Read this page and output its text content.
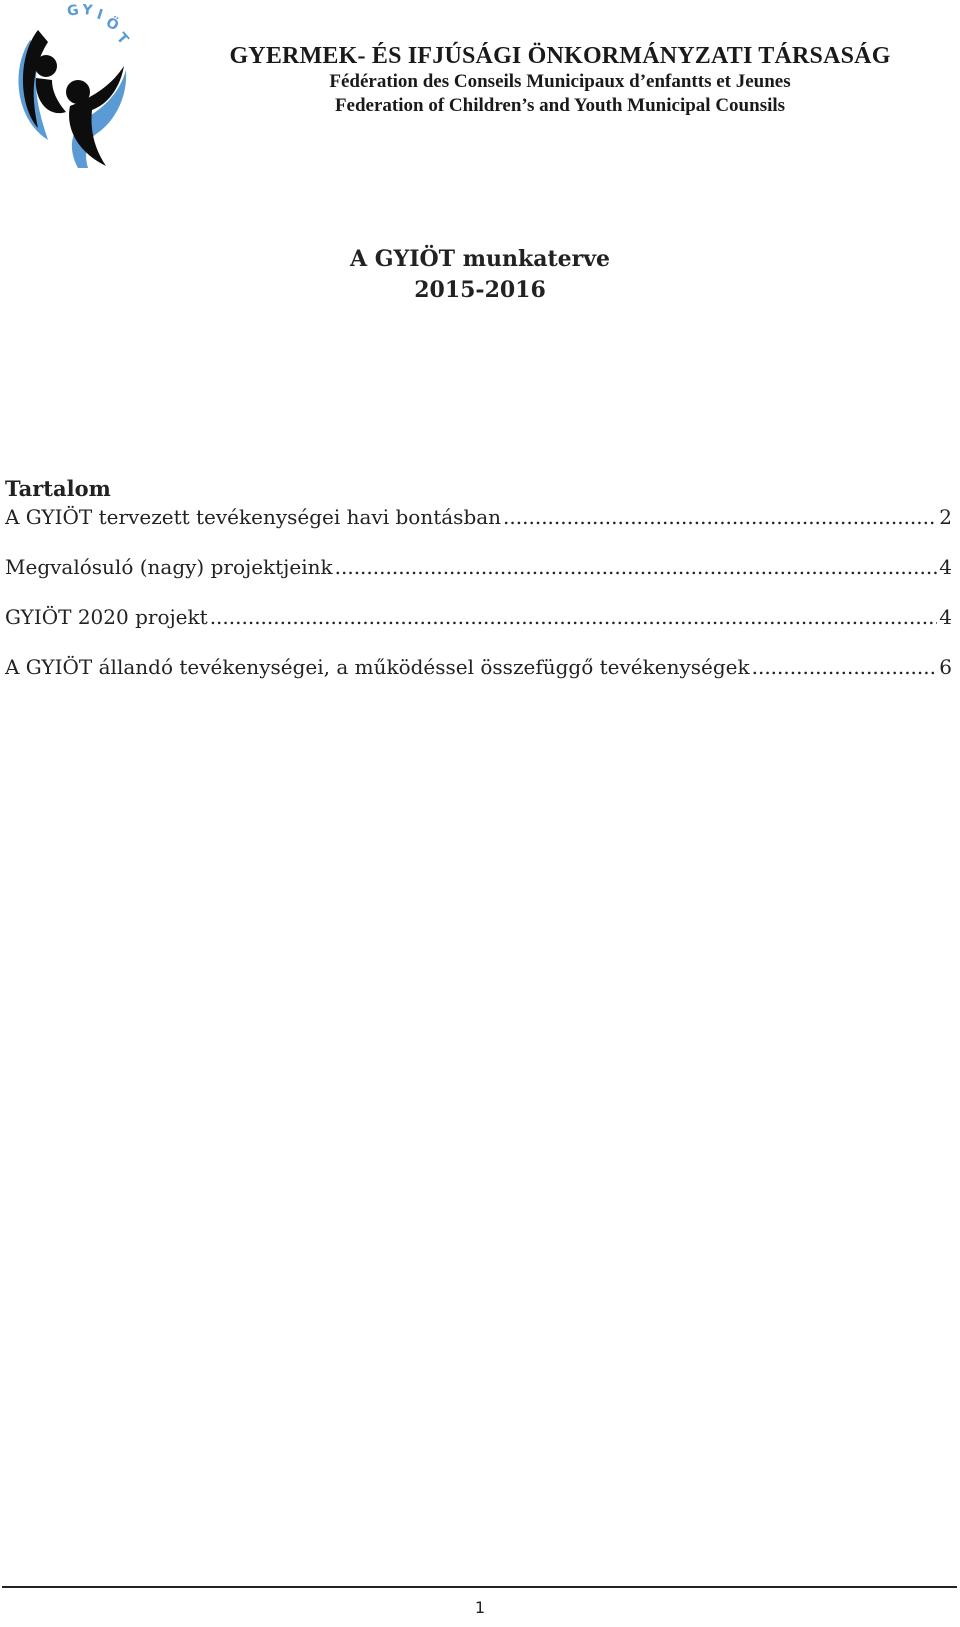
G Y I
Ö
T
GYERMEK- ÉS IFJÚSÁGI ÖNKORMÁNYZATI TÁRSASÁG
Fédération des Conseils Municipaux d’enfantts et Jeunes
Federation of Children’s and Youth Municipal Counsils
A GYIÖT munkaterve
2015-2016
Tartalom
A GYIÖT tervezett tevékenységei havi bontásban .....	2
Megvalósuló (nagy) projektjeink .....	4
GYIÖT 2020 projekt .....	4
A GYIÖT állandó tevékenységei, a működéssel összefüggő tevékenységek .....	6
1
